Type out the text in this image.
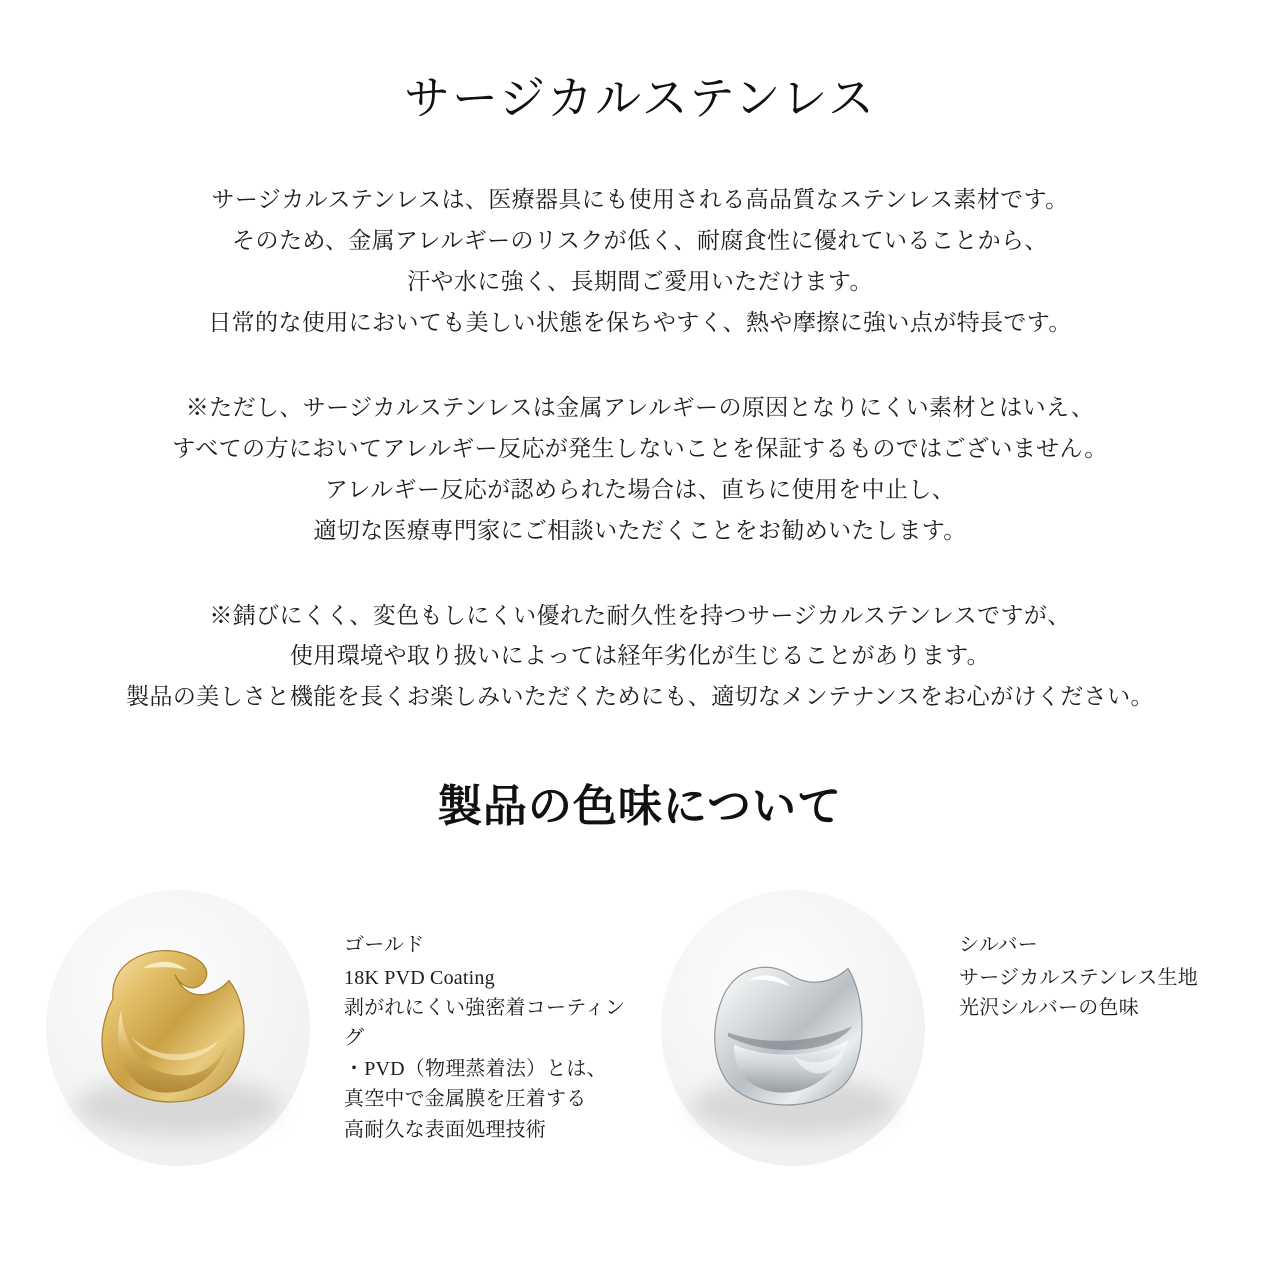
サージカルステンレス
サージカルステンレスは、医療器具にも使用される高品質なステンレス素材です。
そのため、金属アレルギーのリスクが低く、耐腐食性に優れていることから、
汗や水に強く、長期間ご愛用いただけます。
日常的な使用においても美しい状態を保ちやすく、熱や摩擦に強い点が特長です。
※ただし、サージカルステンレスは金属アレルギーの原因となりにくい素材とはいえ、
すべての方においてアレルギー反応が発生しないことを保証するものではございません。
アレルギー反応が認められた場合は、直ちに使用を中止し、
適切な医療専門家にご相談いただくことをお勧めいたします。
※錆びにくく、変色もしにくい優れた耐久性を持つサージカルステンレスですが、
使用環境や取り扱いによっては経年劣化が生じることがあります。
製品の美しさと機能を長くお楽しみいただくためにも、適切なメンテナンスをお心がけください。
製品の色味について
ゴールド
18K PVD Coating
剥がれにくい強密着コーティング
・PVD（物理蒸着法）とは、
真空中で金属膜を圧着する
高耐久な表面処理技術
シルバー
サージカルステンレス生地
光沢シルバーの色味
